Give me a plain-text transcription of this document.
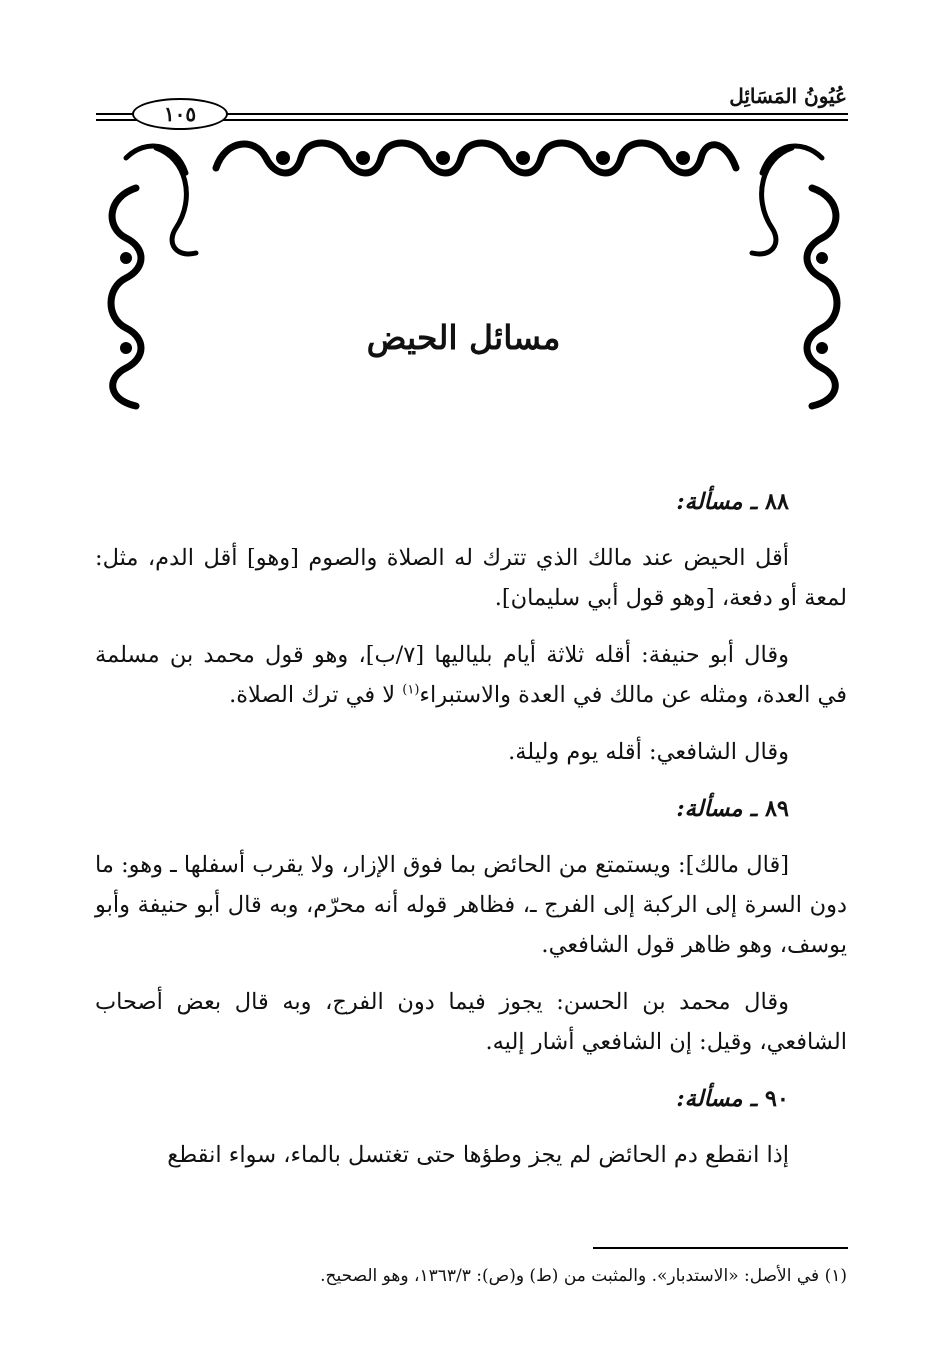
عُيُونُ المَسَائِل
١٠٥
مسائل الحيض
٨٨ ـ مسألة:

أقل الحيض عند مالك الذي تترك له الصلاة والصوم [وهو] أقل الدم، مثل: لمعة أو دفعة، [وهو قول أبي سليمان].

وقال أبو حنيفة: أقله ثلاثة أيام بلياليها [٧/ب]، وهو قول محمد بن مسلمة في العدة، ومثله عن مالك في العدة والاستبراء$^{(١)}$ لا في ترك الصلاة.

وقال الشافعي: أقله يوم وليلة.

٨٩ ـ مسألة:

[قال مالك]: ويستمتع من الحائض بما فوق الإزار، ولا يقرب أسفلها ـ وهو: ما دون السرة إلى الركبة إلى الفرج ـ، فظاهر قوله أنه محرّم، وبه قال أبو حنيفة وأبو يوسف، وهو ظاهر قول الشافعي.

وقال محمد بن الحسن: يجوز فيما دون الفرج، وبه قال بعض أصحاب الشافعي، وقيل: إن الشافعي أشار إليه.

٩٠ ـ مسألة:

إذا انقطع دم الحائض لم يجز وطؤها حتى تغتسل بالماء، سواء انقطع

(١) في الأصل: «الاستدبار». والمثبت من (ط) و(ص): ١٣٦٣/٣، وهو الصحيح.
